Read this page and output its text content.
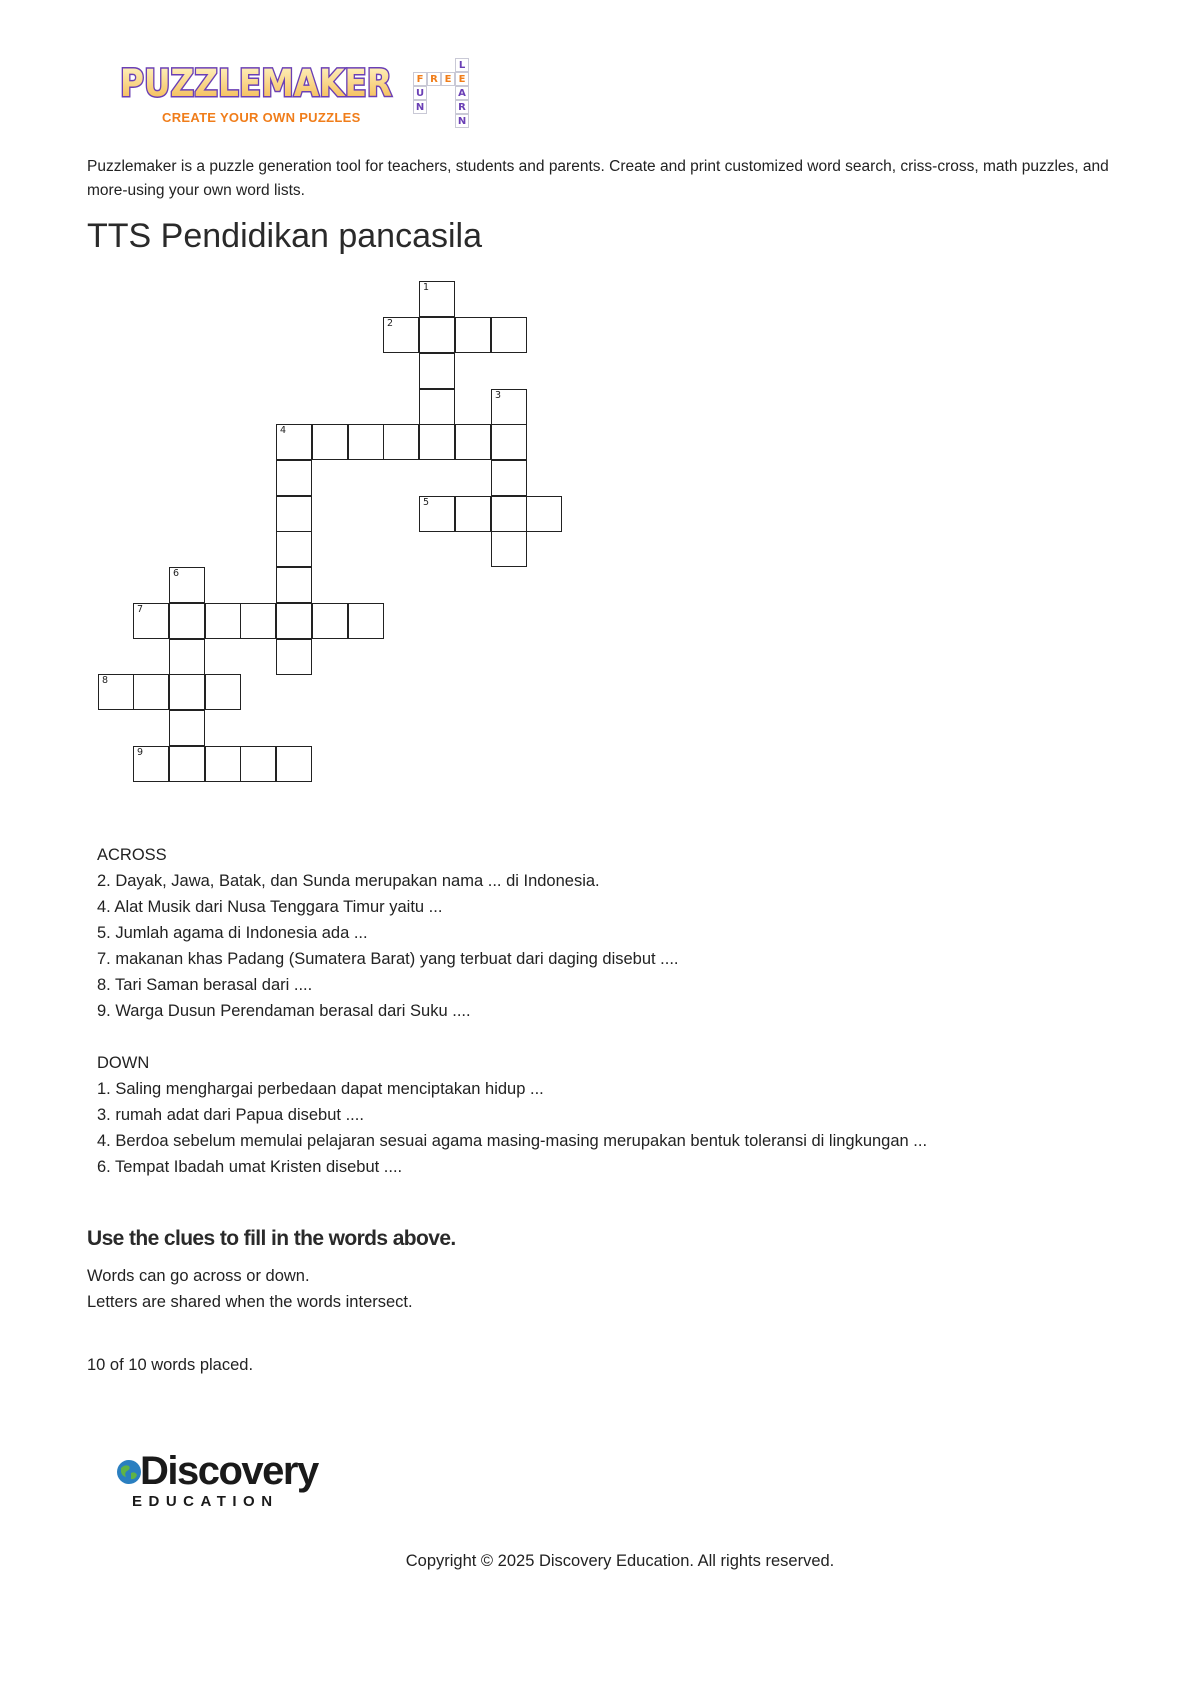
PUZZLEMAKER
CREATE YOUR OWN PUZZLES
F R E E
U
N
L
A
R
N
Puzzlemaker is a puzzle generation tool for teachers, students and parents. Create and print customized word search, criss-cross, math puzzles, and more-using your own word lists.
TTS Pendidikan pancasila
1
2
3
4
5
6
7
8
9
ACROSS
2. Dayak, Jawa, Batak, dan Sunda merupakan nama ... di Indonesia.
4. Alat Musik dari Nusa Tenggara Timur yaitu ...
5. Jumlah agama di Indonesia ada ...
7. makanan khas Padang (Sumatera Barat) yang terbuat dari daging disebut ....
8. Tari Saman berasal dari ....
9. Warga Dusun Perendaman berasal dari Suku ....
DOWN
1. Saling menghargai perbedaan dapat menciptakan hidup ...
3. rumah adat dari Papua disebut ....
4. Berdoa sebelum memulai pelajaran sesuai agama masing-masing merupakan bentuk toleransi di lingkungan ...
6. Tempat Ibadah umat Kristen disebut ....
Use the clues to fill in the words above.
Words can go across or down.
Letters are shared when the words intersect.
10 of 10 words placed.
Discovery
EDUCATION
Copyright © 2025 Discovery Education. All rights reserved.
